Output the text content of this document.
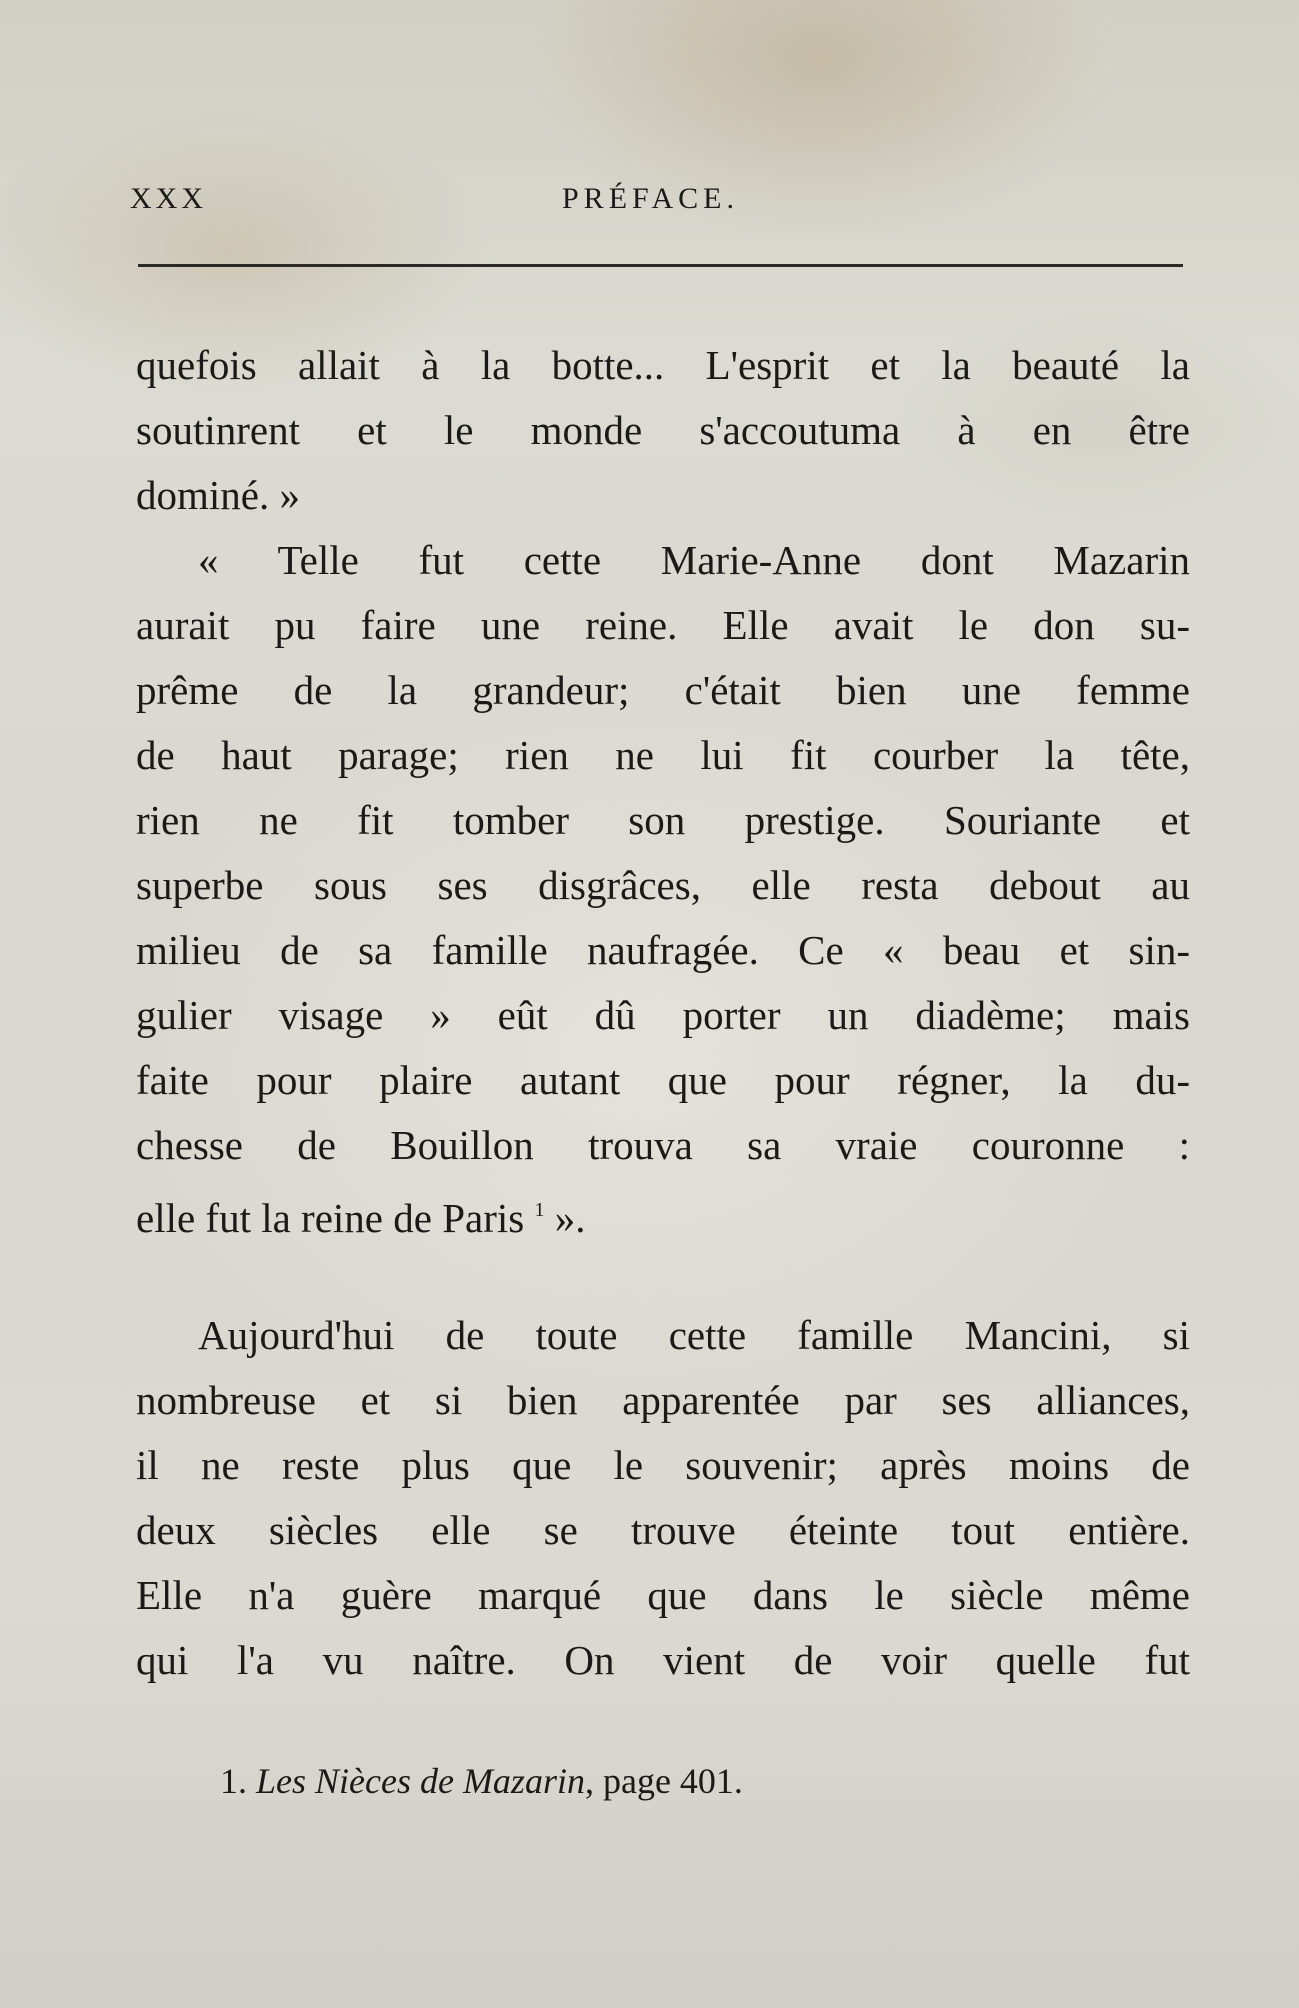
XXX	PRÉFACE.
quefois allait à la botte... L'esprit et la beauté la
soutinrent et le monde s'accoutuma à en être
dominé. »
« Telle fut cette Marie-Anne dont Mazarin
aurait pu faire une reine. Elle avait le don su-
prême de la grandeur; c'était bien une femme
de haut parage; rien ne lui fit courber la tête,
rien ne fit tomber son prestige. Souriante et
superbe sous ses disgrâces, elle resta debout au
milieu de sa famille naufragée. Ce « beau et sin-
gulier visage » eût dû porter un diadème; mais
faite pour plaire autant que pour régner, la du-
chesse de Bouillon trouva sa vraie couronne :
elle fut la reine de Paris $^1$ ».
Aujourd'hui de toute cette famille Mancini, si
nombreuse et si bien apparentée par ses alliances,
il ne reste plus que le souvenir; après moins de
deux siècles elle se trouve éteinte tout entière.
Elle n'a guère marqué que dans le siècle même
qui l'a vu naître. On vient de voir quelle fut
1. Les Nièces de Mazarin, page 401.
